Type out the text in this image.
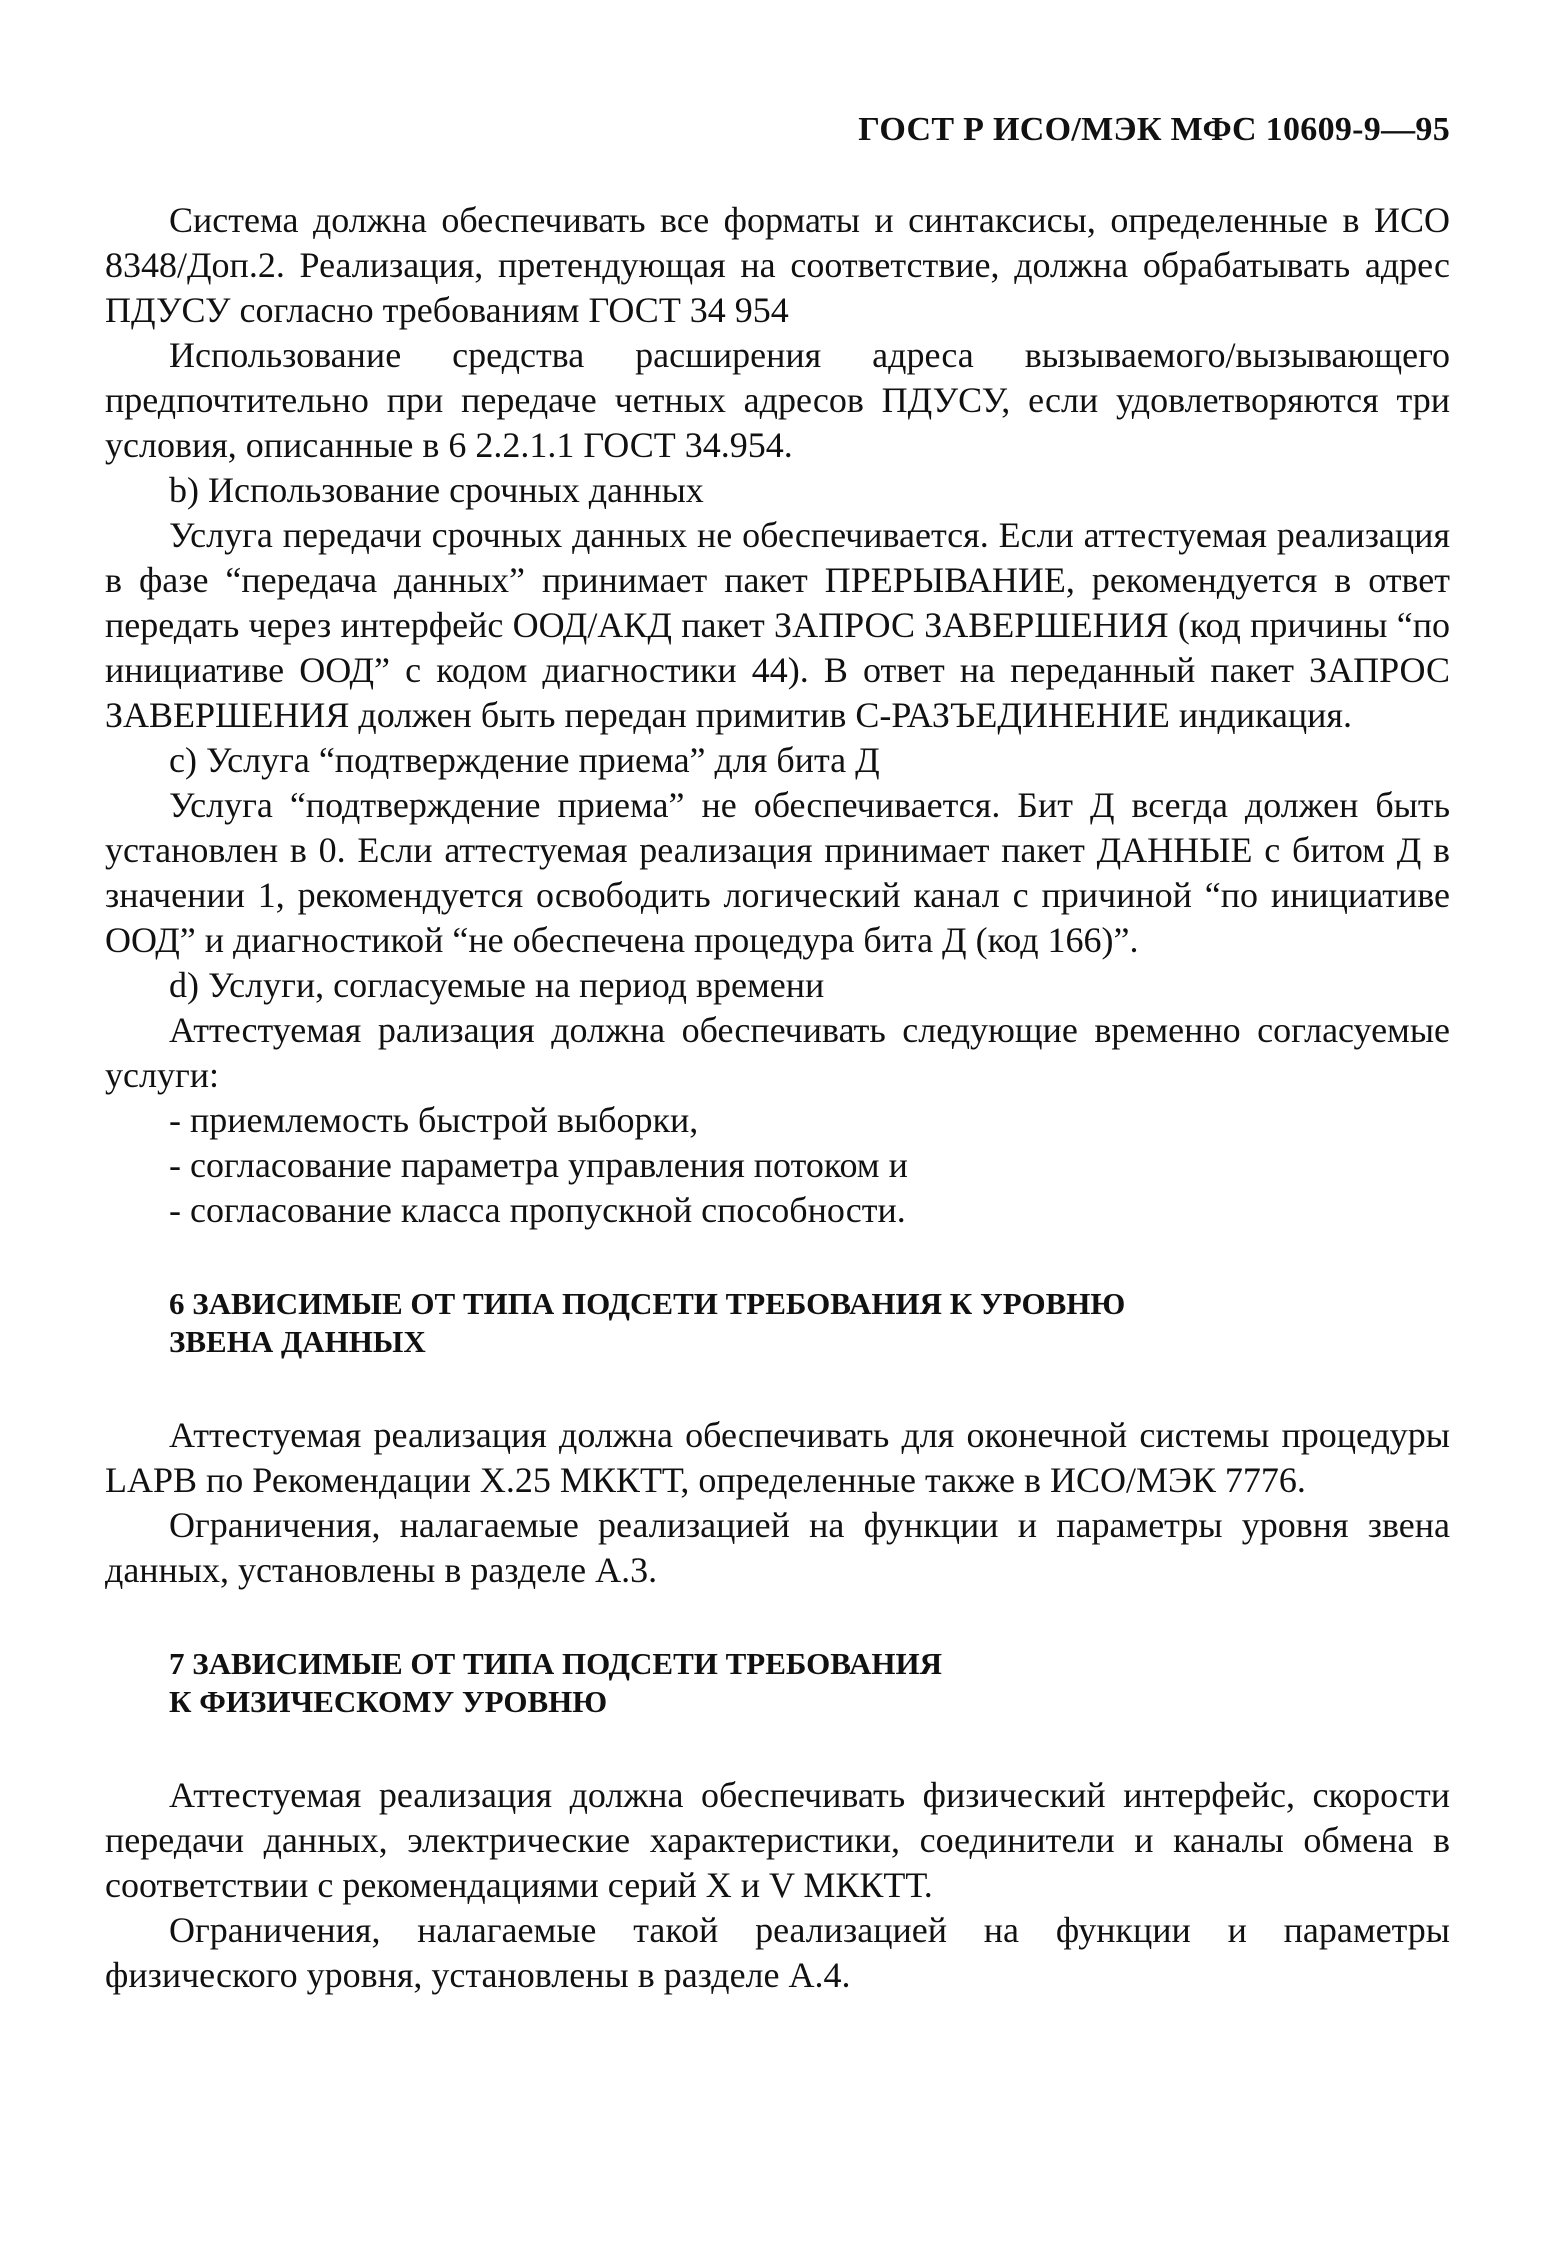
ГОСТ Р ИСО/МЭК МФС 10609-9—95

Система должна обеспечивать все форматы и синтаксисы, определенные в ИСО 8348/Доп.2. Реализация, претендующая на соответствие, должна обрабатывать адрес ПДУСУ согласно требованиям ГОСТ 34 954

Использование средства расширения адреса вызываемого/вызывающего предпочтительно при передаче четных адресов ПДУСУ, если удовлетворяются три условия, описанные в 6 2.2.1.1 ГОСТ 34.954.

b) Использование срочных данных

Услуга передачи срочных данных не обеспечивается. Если аттестуемая реализация в фазе “передача данных” принимает пакет ПРЕРЫВАНИЕ, рекомендуется в ответ передать через интерфейс ООД/АКД пакет ЗАПРОС ЗАВЕРШЕНИЯ (код причины “по инициативе ООД” с кодом диагностики 44). В ответ на переданный пакет ЗАПРОС ЗАВЕРШЕНИЯ должен быть передан примитив С-РАЗЪЕДИНЕНИЕ индикация.

с) Услуга “подтверждение приема” для бита Д

Услуга “подтверждение приема” не обеспечивается. Бит Д всегда должен быть установлен в 0. Если аттестуемая реализация принимает пакет ДАННЫЕ с битом Д в значении 1, рекомендуется освободить логический канал с причиной “по инициативе ООД” и диагностикой “не обеспечена процедура бита Д (код 166)”.

d) Услуги, согласуемые на период времени

Аттестуемая рализация должна обеспечивать следующие временно согласуемые услуги:

- приемлемость быстрой выборки,

- согласование параметра управления потоком и

- согласование класса пропускной способности.

6 ЗАВИСИМЫЕ ОТ ТИПА ПОДСЕТИ ТРЕБОВАНИЯ К УРОВНЮ
ЗВЕНА ДАННЫХ

Аттестуемая реализация должна обеспечивать для оконечной системы процедуры LAPB по Рекомендации X.25 МККТТ, определенные также в ИСО/МЭК 7776.

Ограничения, налагаемые реализацией на функции и параметры уровня звена данных, установлены в разделе А.3.

7 ЗАВИСИМЫЕ ОТ ТИПА ПОДСЕТИ ТРЕБОВАНИЯ
К ФИЗИЧЕСКОМУ УРОВНЮ

Аттестуемая реализация должна обеспечивать физический интерфейс, скорости передачи данных, электрические характеристики, соединители и каналы обмена в соответствии с рекомендациями серий X и V МККТТ.

Ограничения, налагаемые такой реализацией на функции и параметры физического уровня, установлены в разделе А.4.
